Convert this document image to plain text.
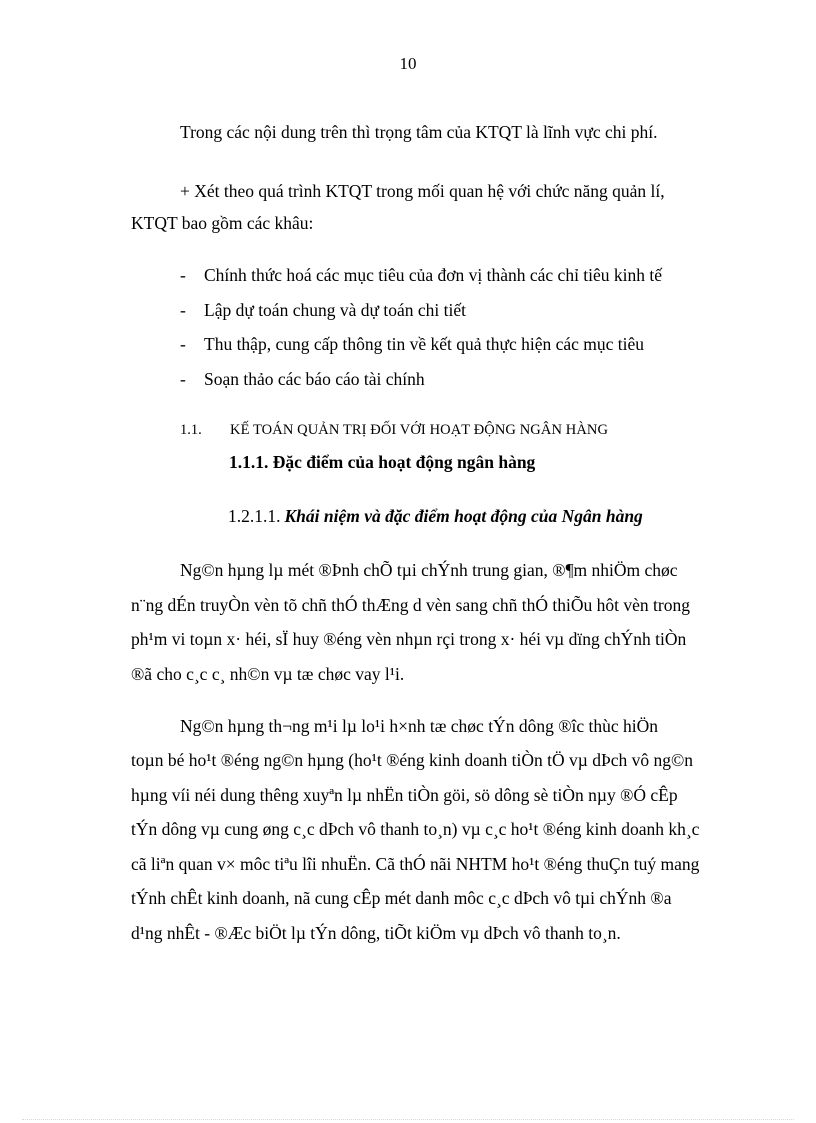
10

Trong các nội dung trên thì trọng tâm của KTQT là lĩnh vực chi phí.

+ Xét theo quá trình KTQT trong mối quan hệ với chức năng quản lí,

KTQT bao gồm các khâu:

- Chính thức hoá các mục tiêu của đơn vị thành các chỉ tiêu kinh tế
- Lập dự toán chung và dự toán chi tiết
- Thu thập, cung cấp thông tin về kết quả thực hiện các mục tiêu
- Soạn thảo các báo cáo tài chính
1.1. KẾ TOÁN QUẢN TRỊ ĐỐI VỚI HOẠT ĐỘNG NGÂN HÀNG
1.1.1. Đặc điểm của hoạt động ngân hàng
1.2.1.1. Khái niệm và đặc điểm hoạt động của Ngân hàng

Ng©n hµng lµ mét ®Þnh chÕ tµi chÝnh trung gian, ®¶m nhiÖm chøc

n¨ng dÉn truyÒn vèn tõ chñ thÓ thÆng d vèn sang chñ thÓ thiÕu hôt vèn trong

ph¹m vi toµn x· héi, sÏ huy ®éng vèn nhµn rçi trong x· héi vµ dïng chÝnh tiÒn

®ã cho c¸c c¸ nh©n vµ tæ chøc vay l¹i.

Ng©n hµng th¬ng m¹i lµ lo¹i h×nh tæ chøc tÝn dông ®îc thùc hiÖn

toµn bé ho¹t ®éng ng©n hµng (ho¹t ®éng kinh doanh tiÒn tÖ vµ dÞch vô ng©n

hµng víi néi dung thêng xuyªn lµ nhËn tiÒn göi, sö dông sè tiÒn nµy ®Ó cÊp

tÝn dông vµ cung øng c¸c dÞch vô thanh to¸n) vµ c¸c ho¹t ®éng kinh doanh kh¸c

cã liªn quan v× môc tiªu lîi nhuËn. Cã thÓ nãi NHTM ho¹t ®éng thuÇn tuý mang

tÝnh chÊt kinh doanh, nã cung cÊp mét danh môc c¸c dÞch vô tµi chÝnh ®a

d¹ng nhÊt - ®Æc biÖt lµ tÝn dông, tiÕt kiÖm vµ dÞch vô thanh to¸n.
